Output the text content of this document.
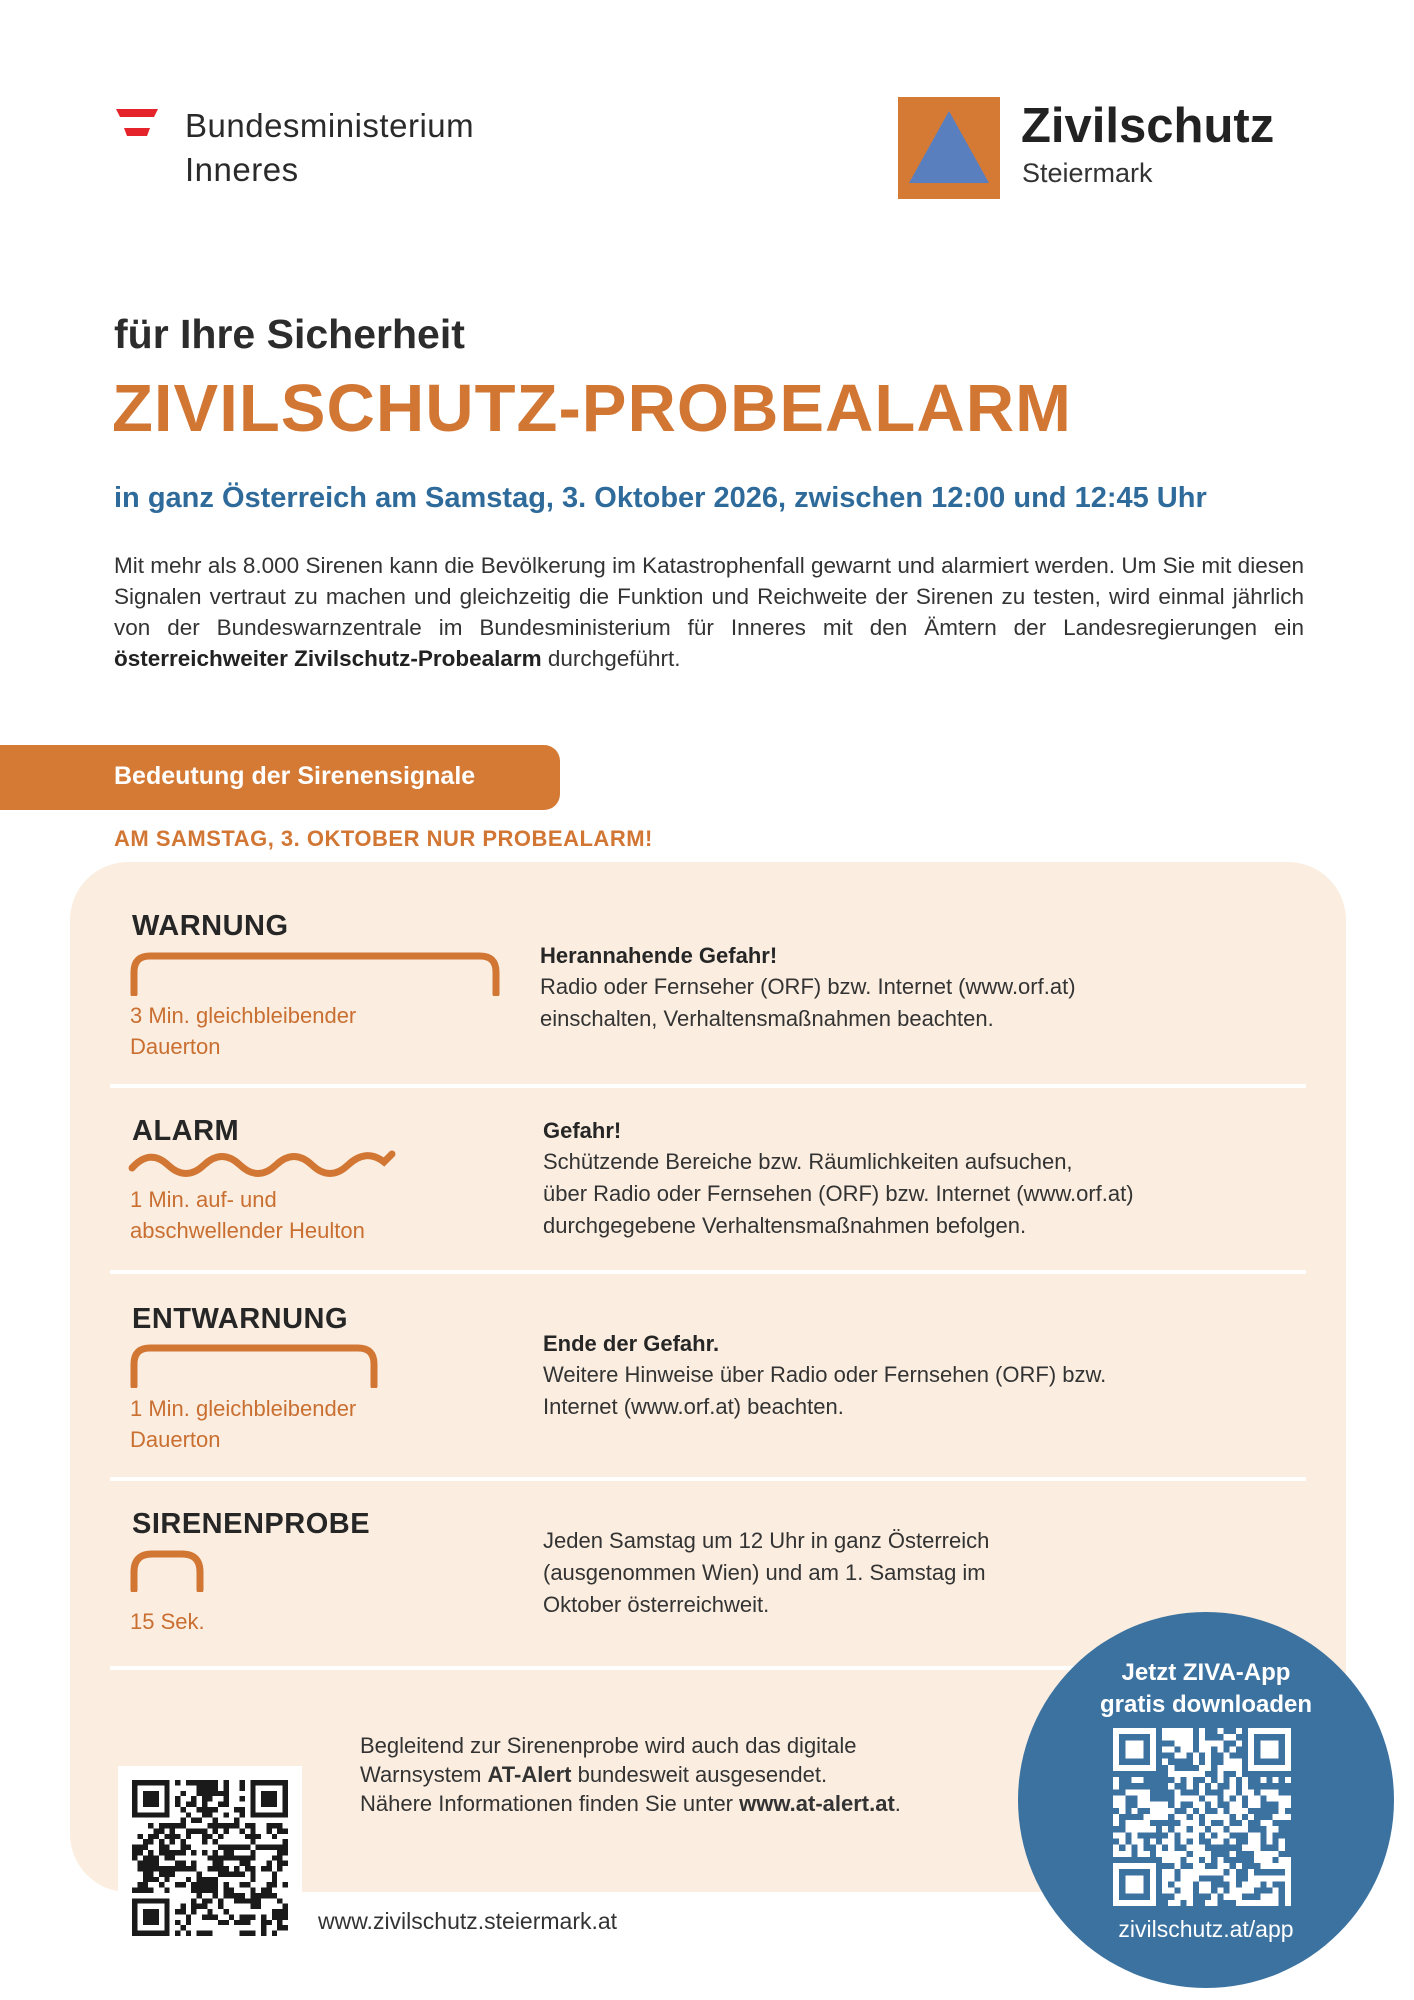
Bundesministerium
Inneres
Zivilschutz
Steiermark
für Ihre Sicherheit
ZIVILSCHUTZ-PROBEALARM
in ganz Österreich am Samstag, 3. Oktober 2026, zwischen 12:00 und 12:45 Uhr
Mit mehr als 8.000 Sirenen kann die Bevölkerung im Katastrophenfall gewarnt und alarmiert werden. Um Sie mit diesen Signalen vertraut zu machen und gleichzeitig die Funktion und Reichweite der Sirenen zu testen, wird einmal jährlich von der Bundeswarnzentrale im Bundesministerium für Inneres mit den Ämtern der Landesregierungen ein österreichweiter Zivilschutz-Probealarm durchgeführt.
Bedeutung der Sirenensignale
AM SAMSTAG, 3. OKTOBER NUR PROBEALARM!
WARNUNG
3 Min. gleichbleibender
Dauerton
Herannahende Gefahr!
Radio oder Fernseher (ORF) bzw. Internet (www.orf.at)
einschalten, Verhaltensmaßnahmen beachten.
ALARM
1 Min. auf- und
abschwellender Heulton
Gefahr!
Schützende Bereiche bzw. Räumlichkeiten aufsuchen,
über Radio oder Fernsehen (ORF) bzw. Internet (www.orf.at)
durchgegebene Verhaltensmaßnahmen befolgen.
ENTWARNUNG
1 Min. gleichbleibender
Dauerton
Ende der Gefahr.
Weitere Hinweise über Radio oder Fernsehen (ORF) bzw.
Internet (www.orf.at) beachten.
SIRENENPROBE
15 Sek.
Jeden Samstag um 12 Uhr in ganz Österreich
(ausgenommen Wien) und am 1. Samstag im
Oktober österreichweit.
Begleitend zur Sirenenprobe wird auch das digitale
Warnsystem AT-Alert bundesweit ausgesendet.
Nähere Informationen finden Sie unter www.at-alert.at.
www.zivilschutz.steiermark.at
Jetzt ZIVA-App
gratis downloaden
zivilschutz.at/app
